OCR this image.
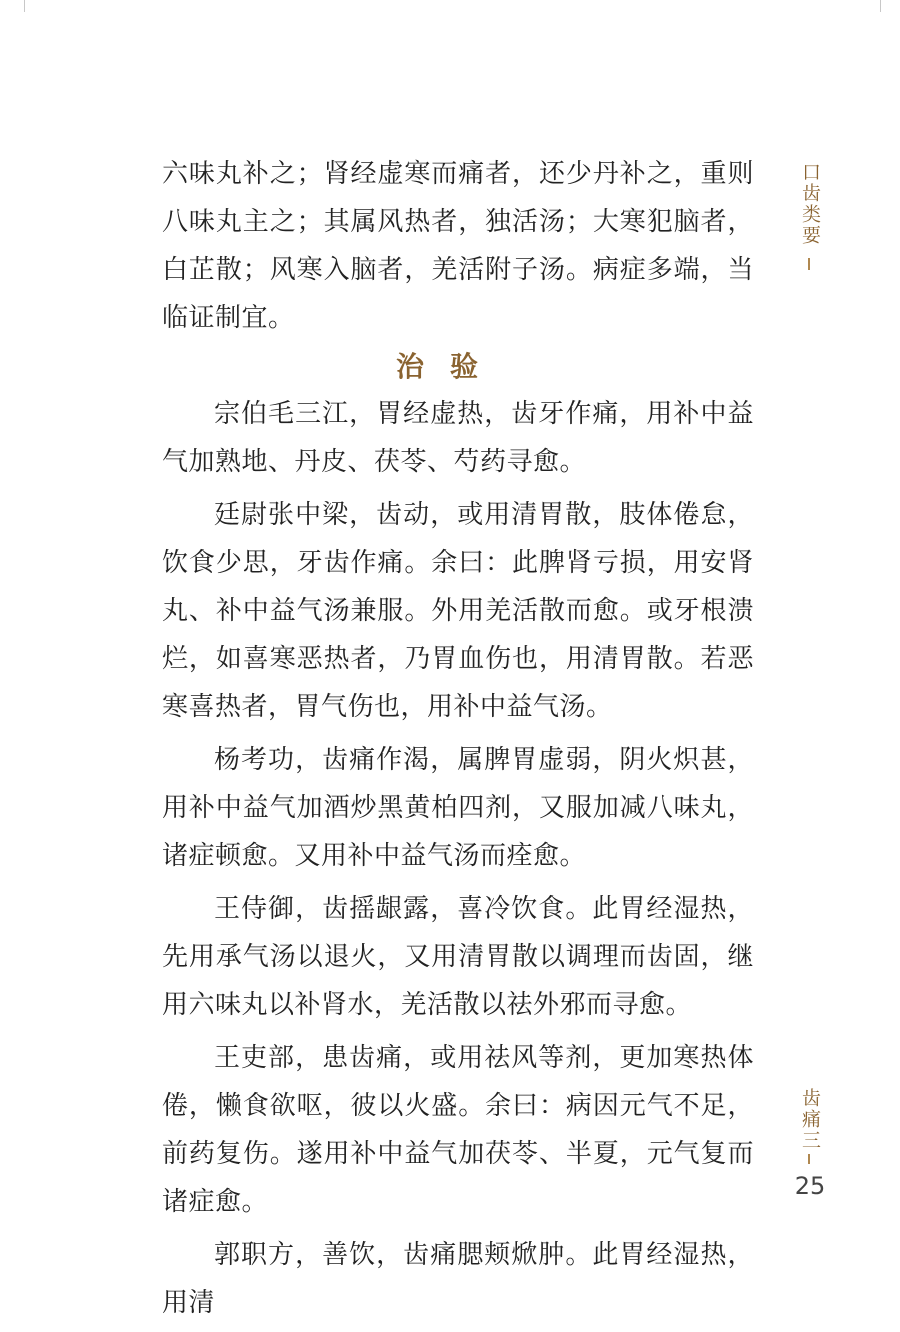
六味丸补之；肾经虚寒而痛者，还少丹补之，重则八味丸主之；其属风热者，独活汤；大寒犯脑者，白芷散；风寒入脑者，羌活附子汤。病症多端，当临证制宜。

治验

宗伯毛三江，胃经虚热，齿牙作痛，用补中益气加熟地、丹皮、茯苓、芍药寻愈。

廷尉张中梁，齿动，或用清胃散，肢体倦怠，饮食少思，牙齿作痛。余曰：此脾肾亏损，用安肾丸、补中益气汤兼服。外用羌活散而愈。或牙根溃烂，如喜寒恶热者，乃胃血伤也，用清胃散。若恶寒喜热者，胃气伤也，用补中益气汤。

杨考功，齿痛作渴，属脾胃虚弱，阴火炽甚，用补中益气加酒炒黑黄柏四剂，又服加减八味丸，诸症顿愈。又用补中益气汤而痊愈。

王侍御，齿摇龈露，喜冷饮食。此胃经湿热，先用承气汤以退火，又用清胃散以调理而齿固，继用六味丸以补肾水，羌活散以祛外邪而寻愈。

王吏部，患齿痛，或用祛风等剂，更加寒热体倦，懒食欲呕，彼以火盛。余曰：病因元气不足，前药复伤。遂用补中益气加茯苓、半夏，元气复而诸症愈。

郭职方，善饮，齿痛腮颊焮肿。此胃经湿热，用清

口齿类要
齿痛三
25
